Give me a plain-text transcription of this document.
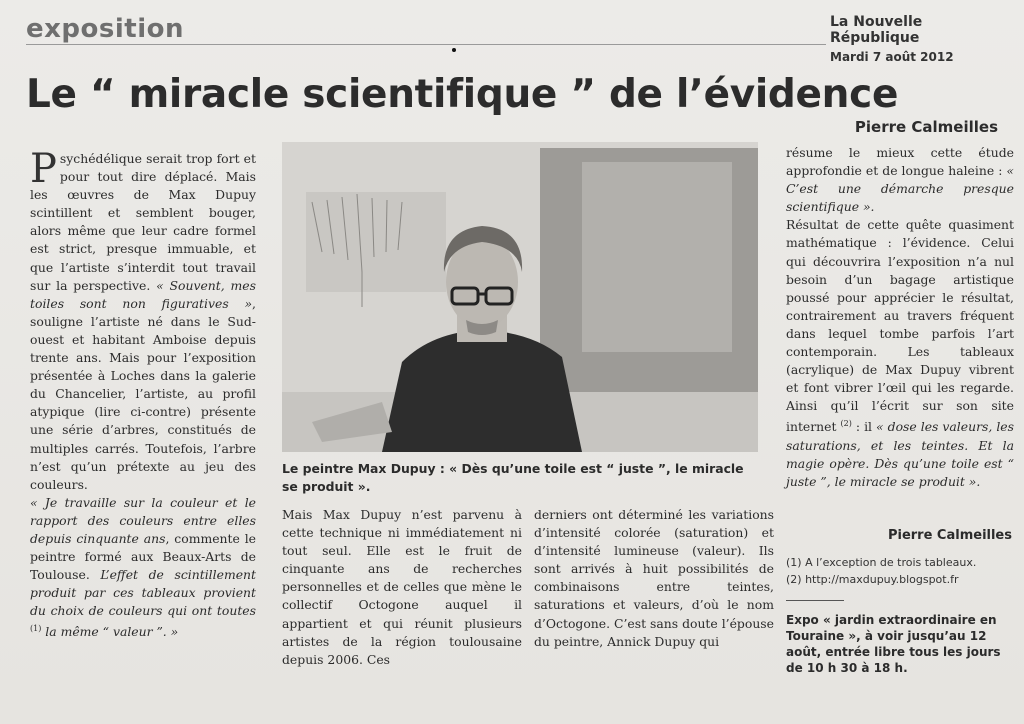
exposition	La Nouvelle République
Mardi 7 août 2012
Le “ miracle scientifique ” de l’évidence
Pierre Calmeilles

Psychédélique serait trop fort et pour tout dire déplacé. Mais les œuvres de Max Dupuy scintillent et semblent bouger, alors même que leur cadre formel est strict, presque immuable, et que l’artiste s’interdit tout travail sur la perspective. « Souvent, mes toiles sont non figuratives », souligne l’artiste né dans le Sud-ouest et habitant Amboise depuis trente ans. Mais pour l’exposition présentée à Loches dans la galerie du Chancelier, l’artiste, au profil atypique (lire ci-contre) présente une série d’arbres, constitués de multiples carrés. Toutefois, l’arbre n’est qu’un prétexte au jeu des couleurs.

« Je travaille sur la couleur et le rapport des couleurs entre elles depuis cinquante ans, commente le peintre formé aux Beaux-Arts de Toulouse. L’effet de scintillement produit par ces tableaux provient du choix de couleurs qui ont toutes $^{(1)}$ la même “ valeur ”. »

Le peintre Max Dupuy : « Dès qu’une toile est “ juste ”, le miracle se produit ».

Mais Max Dupuy n’est parvenu à cette technique ni immédiatement ni tout seul. Elle est le fruit de cinquante ans de recherches personnelles et de celles que mène le collectif Octogone auquel il appartient et qui réunit plusieurs artistes de la région toulousaine depuis 2006. Ces

derniers ont déterminé les variations d’intensité colorée (saturation) et d’intensité lumineuse (valeur). Ils sont arrivés à huit possibilités de combinaisons entre teintes, saturations et valeurs, d’où le nom d’Octogone. C’est sans doute l’épouse du peintre, Annick Dupuy qui

résume le mieux cette étude approfondie et de longue haleine : « C’est une démarche presque scientifique ».

Résultat de cette quête quasiment mathématique : l’évidence. Celui qui découvrira l’exposition n’a nul besoin d’un bagage artistique poussé pour apprécier le résultat, contrairement au travers fréquent dans lequel tombe parfois l’art contemporain. Les tableaux (acrylique) de Max Dupuy vibrent et font vibrer l’œil qui les regarde. Ainsi qu’il l’écrit sur son site internet $^{(2)}$ : il « dose les valeurs, les saturations, et les teintes. Et la magie opère. Dès qu’une toile est “ juste ”, le miracle se produit ».

Pierre Calmeilles
(1) A l’exception de trois tableaux.
(2) http://maxdupuy.blogspot.fr
Expo « jardin extraordinaire en Touraine », à voir jusqu’au 12 août, entrée libre tous les jours de 10 h 30 à 18 h.
